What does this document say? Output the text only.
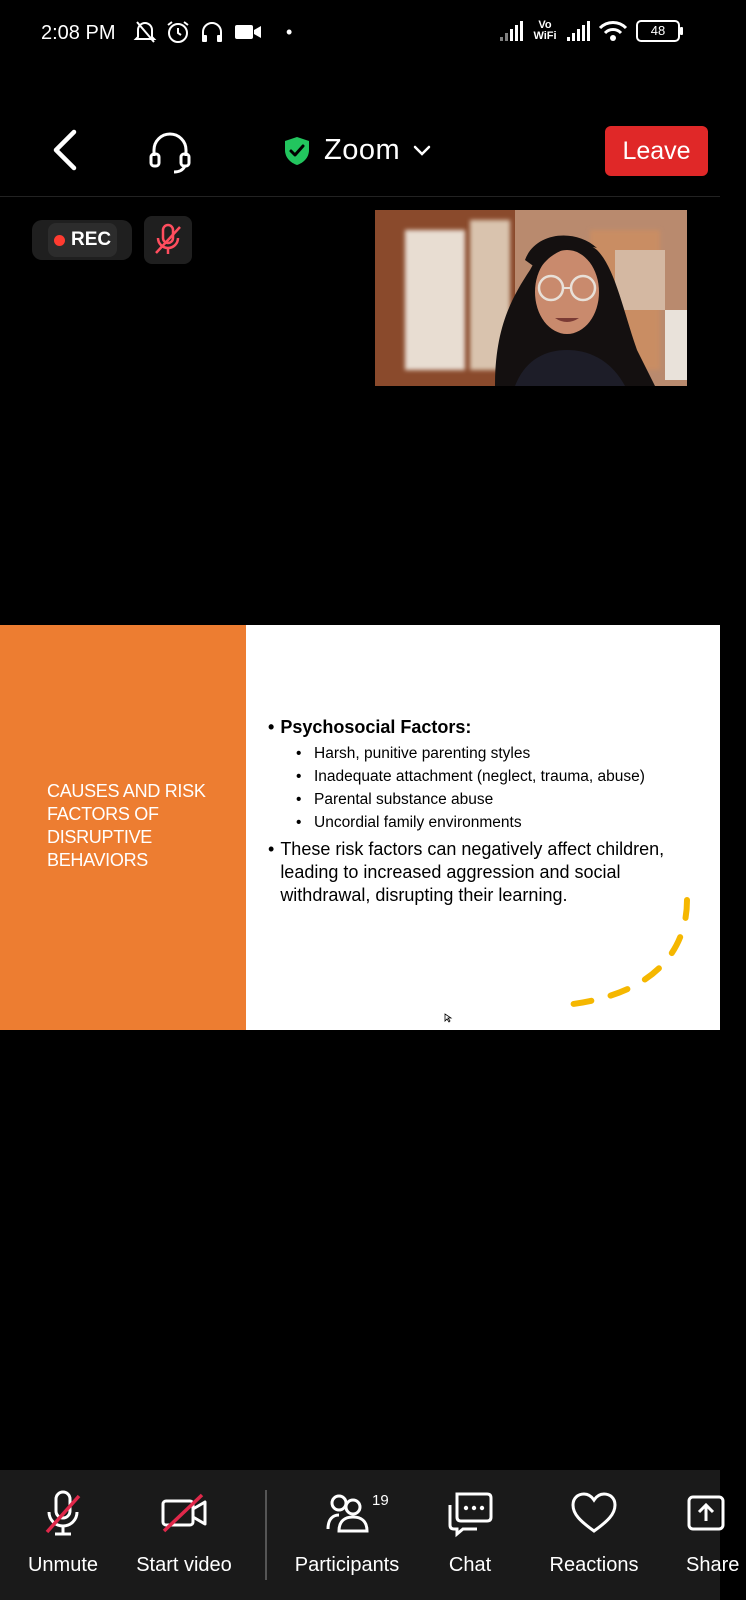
2:08 PM	•	Vo WiFi	48
Zoom	Leave
REC
CAUSES AND RISK FACTORS OF DISRUPTIVE BEHAVIORS
• Psychosocial Factors:
• Harsh, punitive parenting styles
• Inadequate attachment (neglect, trauma, abuse)
• Parental substance abuse
• Uncordial family environments
• These risk factors can negatively affect children, leading to increased aggression and social withdrawal, disrupting their learning.
Unmute Start video	Participants
19
Chat	Reactions Share
